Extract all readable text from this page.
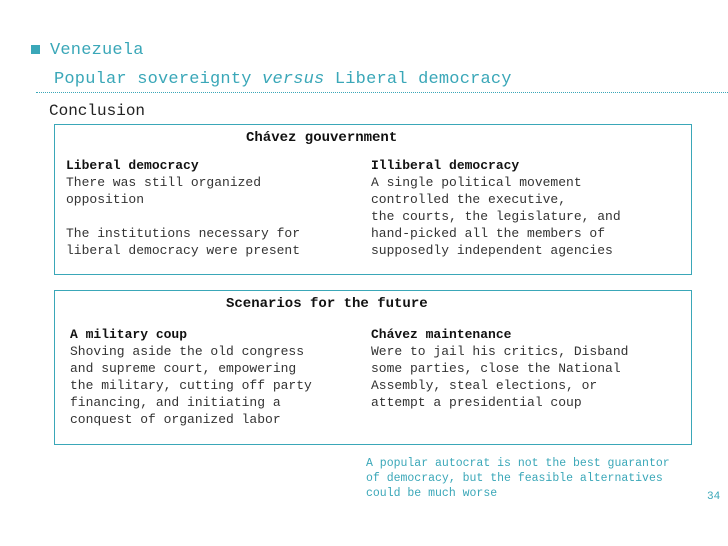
Venezuela
Popular sovereignty versus Liberal democracy
Conclusion
Chávez gouvernment
Liberal democracy
There was still organized
opposition

The institutions necessary for
liberal democracy were present
Illiberal democracy
A single political movement
controlled the executive,
the courts, the legislature, and
hand-picked all the members of
supposedly independent agencies
Scenarios for the future
A military coup
Shoving aside the old congress
and supreme court, empowering
the military, cutting off party
financing, and initiating a
conquest of organized labor
Chávez maintenance
Were to jail his critics, Disband
some parties, close the National
Assembly, steal elections, or
attempt a presidential coup
A popular autocrat is not the best guarantor
of democracy, but the feasible alternatives
could be much worse	34
